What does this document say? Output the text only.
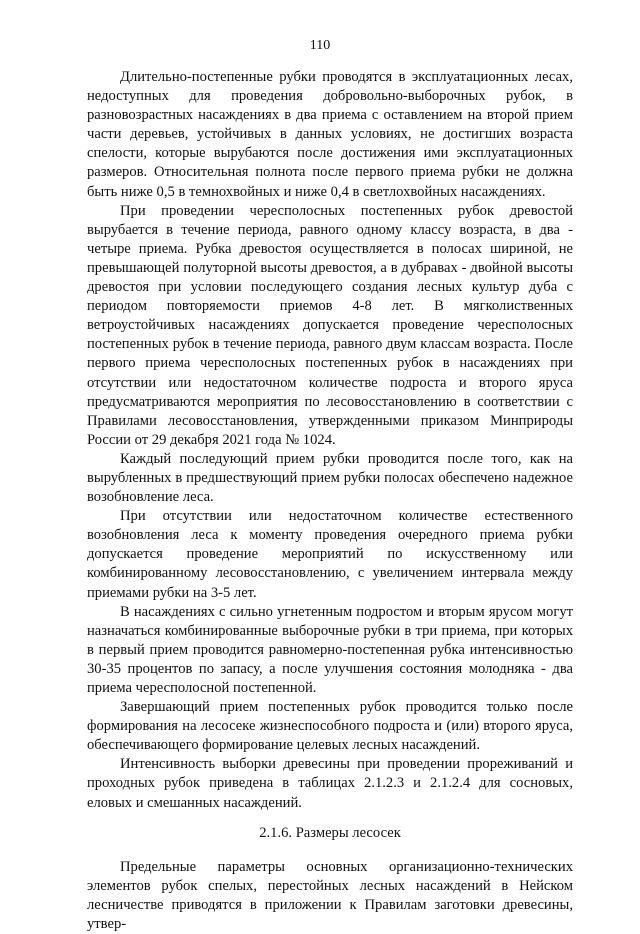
110

Длительно-постепенные рубки проводятся в эксплуатационных лесах, недоступных для проведения добровольно-выборочных рубок, в разновозрастных насаждениях в два приема с оставлением на второй прием части деревьев, устойчивых в данных условиях, не достигших возраста спелости, которые вырубаются после достижения ими эксплуатационных размеров. Относительная полнота после первого приема рубки не должна быть ниже 0,5 в темнохвойных и ниже 0,4 в светлохвойных насаждениях.

При проведении чересполосных постепенных рубок древостой вырубается в течение периода, равного одному классу возраста, в два - четыре приема. Рубка древостоя осуществляется в полосах шириной, не превышающей полуторной высоты древостоя, а в дубравах - двойной высоты древостоя при условии последующего создания лесных культур дуба с периодом повторяемости приемов 4-8 лет. В мягколиственных ветроустойчивых насаждениях допускается проведение чересполосных постепенных рубок в течение периода, равного двум классам возраста. После первого приема чересполосных постепенных рубок в насаждениях при отсутствии или недостаточном количестве подроста и второго яруса предусматриваются мероприятия по лесовосстановлению в соответствии с Правилами лесовосстановления, утвержденными приказом Минприроды России от 29 декабря 2021 года № 1024.

Каждый последующий прием рубки проводится после того, как на вырубленных в предшествующий прием рубки полосах обеспечено надежное возобновление леса.

При отсутствии или недостаточном количестве естественного возобновления леса к моменту проведения очередного приема рубки допускается проведение мероприятий по искусственному или комбинированному лесовосстановлению, с увеличением интервала между приемами рубки на 3-5 лет.

В насаждениях с сильно угнетенным подростом и вторым ярусом могут назначаться комбинированные выборочные рубки в три приема, при которых в первый прием проводится равномерно-постепенная рубка интенсивностью 30-35 процентов по запасу, а после улучшения состояния молодняка - два приема чересполосной постепенной.

Завершающий прием постепенных рубок проводится только после формирования на лесосеке жизнеспособного подроста и (или) второго яруса, обеспечивающего формирование целевых лесных насаждений.

Интенсивность выборки древесины при проведении прореживаний и проходных рубок приведена в таблицах 2.1.2.3 и 2.1.2.4 для сосновых, еловых и смешанных насаждений.

2.1.6. Размеры лесосек

Предельные параметры основных организационно-технических элементов рубок спелых, перестойных лесных насаждений в Нейском лесничестве приводятся в приложении к Правилам заготовки древесины, утвер-
